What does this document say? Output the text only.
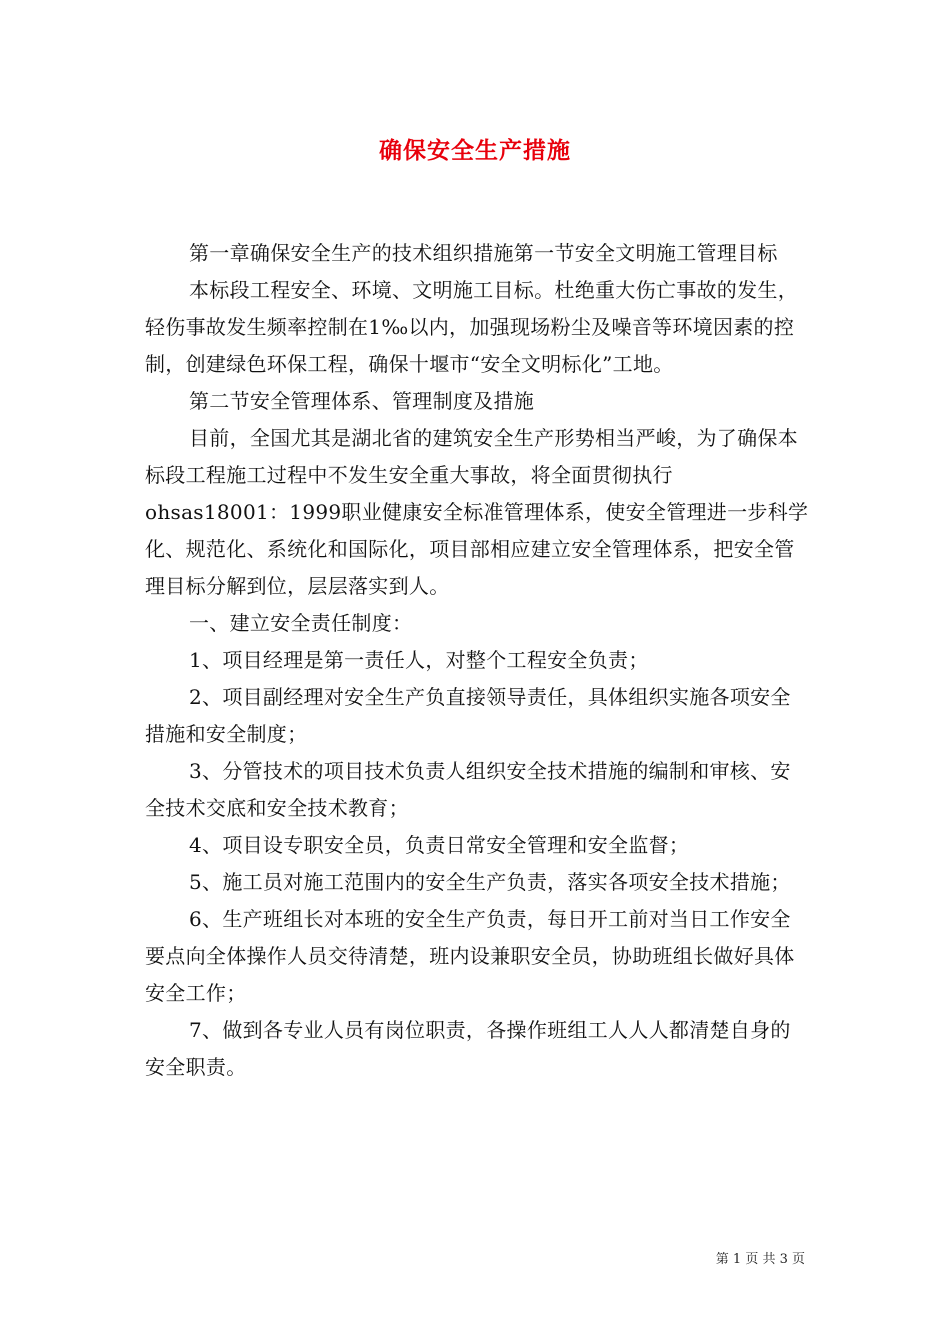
确保安全生产措施

第一章确保安全生产的技术组织措施第一节安全文明施工管理目标

本标段工程安全、环境、文明施工目标。杜绝重大伤亡事故的发生，轻伤事故发生频率控制在1‰以内，加强现场粉尘及噪音等环境因素的控制，创建绿色环保工程，确保十堰市“安全文明标化”工地。

第二节安全管理体系、管理制度及措施

目前，全国尤其是湖北省的建筑安全生产形势相当严峻，为了确保本标段工程施工过程中不发生安全重大事故，将全面贯彻执行ohsas18001：1999职业健康安全标准管理体系，使安全管理进一步科学化、规范化、系统化和国际化，项目部相应建立安全管理体系，把安全管理目标分解到位，层层落实到人。

一、建立安全责任制度：

1、项目经理是第一责任人，对整个工程安全负责；

2、项目副经理对安全生产负直接领导责任，具体组织实施各项安全措施和安全制度；

3、分管技术的项目技术负责人组织安全技术措施的编制和审核、安全技术交底和安全技术教育；

4、项目设专职安全员，负责日常安全管理和安全监督；

5、施工员对施工范围内的安全生产负责，落实各项安全技术措施；

6、生产班组长对本班的安全生产负责，每日开工前对当日工作安全要点向全体操作人员交待清楚，班内设兼职安全员，协助班组长做好具体安全工作；

7、做到各专业人员有岗位职责，各操作班组工人人人都清楚自身的安全职责。

第 1 页 共 3 页
